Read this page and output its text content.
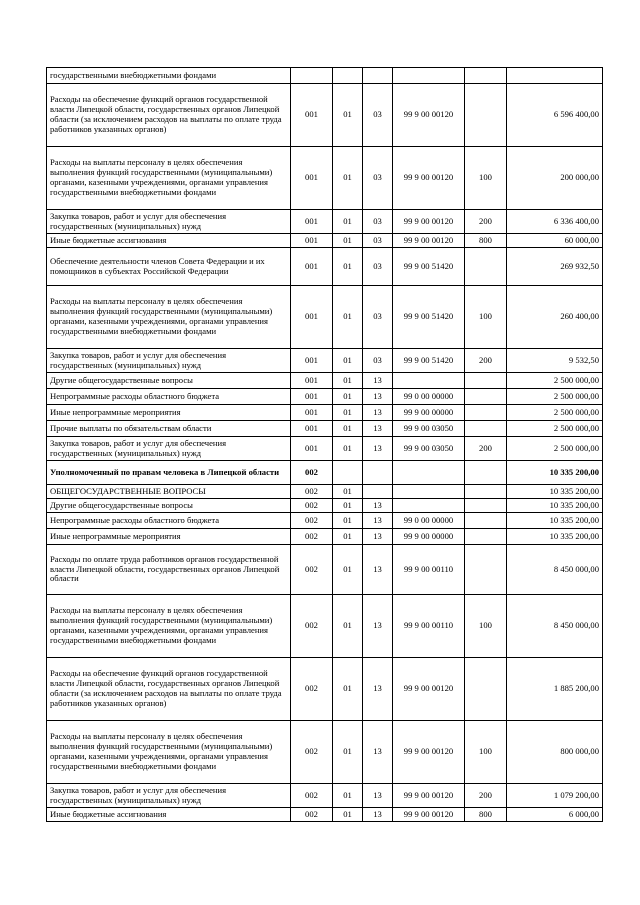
государственными внебюджетными фондами						
Расходы на обеспечение функций органов государственной власти Липецкой области, государственных органов Липецкой области (за исключением расходов на выплаты по оплате труда работников указанных органов)	001	01	03	99 9 00 00120		6 596 400,00
Расходы на выплаты персоналу в целях обеспечения выполнения функций государственными (муниципальными) органами, казенными учреждениями, органами управления государственными внебюджетными фондами	001	01	03	99 9 00 00120	100	200 000,00
Закупка товаров, работ и услуг для обеспечения государственных (муниципальных) нужд	001	01	03	99 9 00 00120	200	6 336 400,00
Иные бюджетные ассигнования	001	01	03	99 9 00 00120	800	60 000,00
Обеспечение деятельности членов Совета Федерации и их помощников в субъектах Российской Федерации	001	01	03	99 9 00 51420		269 932,50
Расходы на выплаты персоналу в целях обеспечения выполнения функций государственными (муниципальными) органами, казенными учреждениями, органами управления государственными внебюджетными фондами	001	01	03	99 9 00 51420	100	260 400,00
Закупка товаров, работ и услуг для обеспечения государственных (муниципальных) нужд	001	01	03	99 9 00 51420	200	9 532,50
Другие общегосударственные вопросы	001	01	13			2 500 000,00
Непрограммные расходы областного бюджета	001	01	13	99 0 00 00000		2 500 000,00
Иные непрограммные мероприятия	001	01	13	99 9 00 00000		2 500 000,00
Прочие выплаты по обязательствам области	001	01	13	99 9 00 03050		2 500 000,00
Закупка товаров, работ и услуг для обеспечения государственных (муниципальных) нужд	001	01	13	99 9 00 03050	200	2 500 000,00
Уполномоченный по правам человека в Липецкой области	002					10 335 200,00
ОБЩЕГОСУДАРСТВЕННЫЕ ВОПРОСЫ	002	01				10 335 200,00
Другие общегосударственные вопросы	002	01	13			10 335 200,00
Непрограммные расходы областного бюджета	002	01	13	99 0 00 00000		10 335 200,00
Иные непрограммные мероприятия	002	01	13	99 9 00 00000		10 335 200,00
Расходы по оплате труда работников органов государственной власти Липецкой области, государственных органов Липецкой области	002	01	13	99 9 00 00110		8 450 000,00
Расходы на выплаты персоналу в целях обеспечения выполнения функций государственными (муниципальными) органами, казенными учреждениями, органами управления государственными внебюджетными фондами	002	01	13	99 9 00 00110	100	8 450 000,00
Расходы на обеспечение функций органов государственной власти Липецкой области, государственных органов Липецкой области (за исключением расходов на выплаты по оплате труда работников указанных органов)	002	01	13	99 9 00 00120		1 885 200,00
Расходы на выплаты персоналу в целях обеспечения выполнения функций государственными (муниципальными) органами, казенными учреждениями, органами управления государственными внебюджетными фондами	002	01	13	99 9 00 00120	100	800 000,00
Закупка товаров, работ и услуг для обеспечения государственных (муниципальных) нужд	002	01	13	99 9 00 00120	200	1 079 200,00
Иные бюджетные ассигнования	002	01	13	99 9 00 00120	800	6 000,00
